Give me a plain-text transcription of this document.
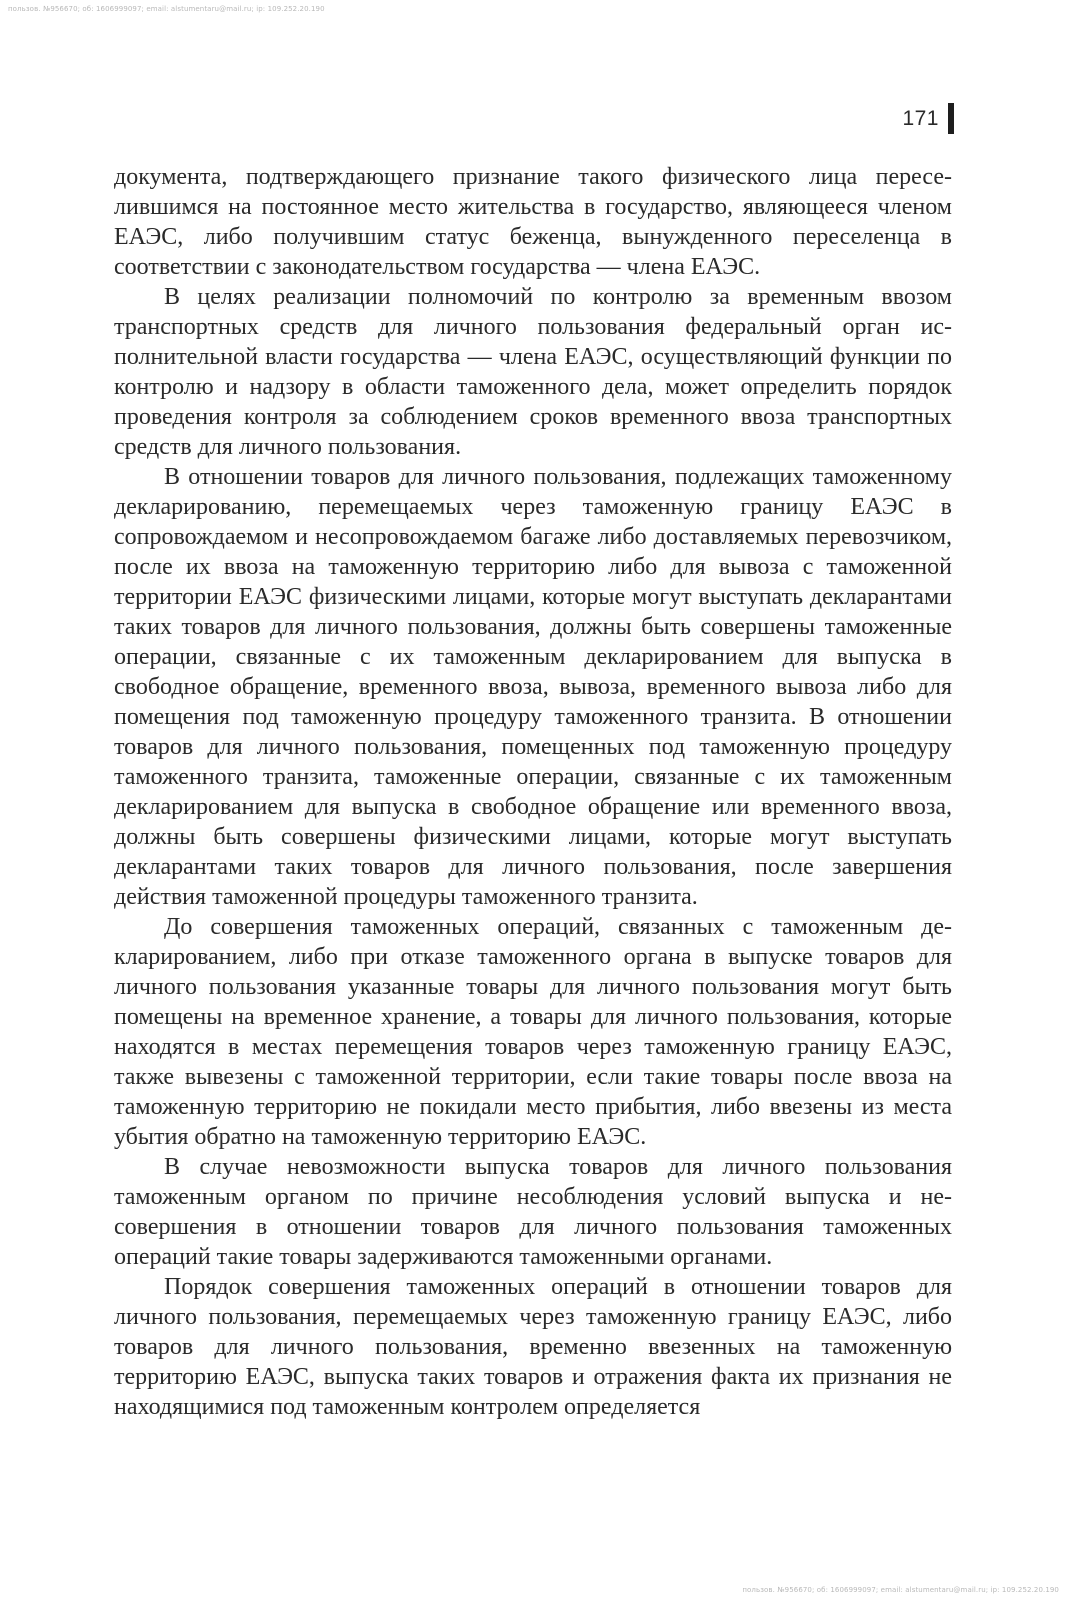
пользов. №956670; об: 1606999097; email: alstumentaru@mail.ru; ip: 109.252.20.190
171

документа, подтверждающего признание такого физического лица переселившимся на постоянное место жительства в государство, являющееся членом ЕАЭС, либо получившим статус беженца, вынужденного переселенца в соответствии с законодательством государства — члена ЕАЭС.

В целях реализации полномочий по контролю за временным ввозом транспортных средств для личного пользования федеральный орган исполнительной власти государства — члена ЕАЭС, осуществляющий функции по контролю и надзору в области таможенного дела, может определить порядок проведения контроля за соблюдением сроков временного ввоза транспортных средств для личного пользования.

В отношении товаров для личного пользования, подлежащих таможенному декларированию, перемещаемых через таможенную границу ЕАЭС в сопровождаемом и несопровождаемом багаже либо доставляемых перевозчиком, после их ввоза на таможенную территорию либо для вывоза с таможенной территории ЕАЭС физическими лицами, которые могут выступать декларантами таких товаров для личного пользования, должны быть совершены таможенные операции, связанные с их таможенным декларированием для выпуска в свободное обращение, временного ввоза, вывоза, временного вывоза либо для помещения под таможенную процедуру таможенного транзита. В отношении товаров для личного пользования, помещенных под таможенную процедуру таможенного транзита, таможенные операции, связанные с их таможенным декларированием для выпуска в свободное обращение или временного ввоза, должны быть совершены физическими лицами, которые могут выступать декларантами таких товаров для личного пользования, после завершения действия таможенной процедуры таможенного транзита.

До совершения таможенных операций, связанных с таможенным декларированием, либо при отказе таможенного органа в выпуске товаров для личного пользования указанные товары для личного пользования могут быть помещены на временное хранение, а товары для личного пользования, которые находятся в местах перемещения товаров через таможенную границу ЕАЭС, также вывезены с таможенной территории, если такие товары после ввоза на таможенную территорию не покидали место прибытия, либо ввезены из места убытия обратно на таможенную территорию ЕАЭС.

В случае невозможности выпуска товаров для личного пользования таможенным органом по причине несоблюдения условий выпуска и несовершения в отношении товаров для личного пользования таможенных операций такие товары задерживаются таможенными органами.

Порядок совершения таможенных операций в отношении товаров для личного пользования, перемещаемых через таможенную границу ЕАЭС, либо товаров для личного пользования, временно ввезенных на таможенную территорию ЕАЭС, выпуска таких товаров и отражения факта их признания не находящимися под таможенным контролем определяется

пользов. №956670; об: 1606999097; email: alstumentaru@mail.ru; ip: 109.252.20.190
